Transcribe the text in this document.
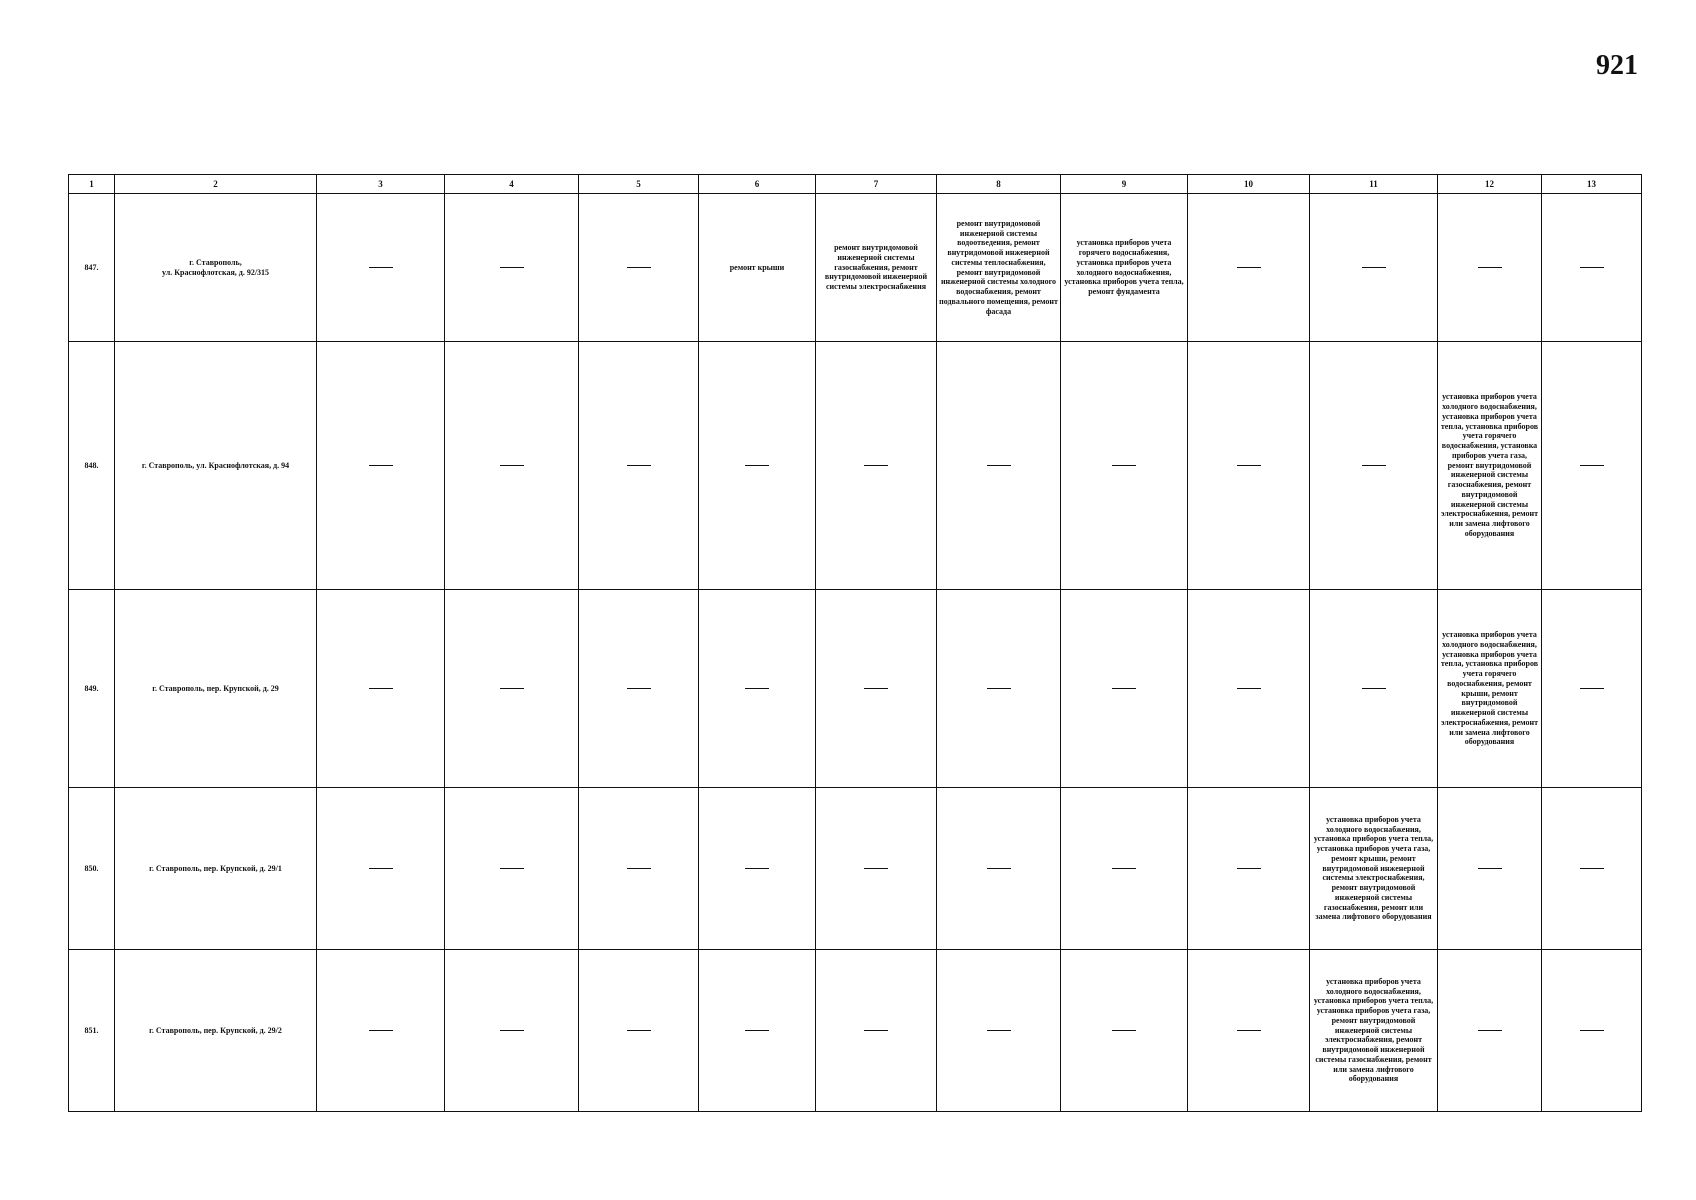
921
1	2	3	4	5	6	7	8	9	10	11	12	13
847.	г. Ставрополь,
ул. Краснофлотская, д. 92/315				ремонт крыши	ремонт внутридомовой инженерной системы газоснабжения, ремонт внутридомовой инженерной системы электроснабжения	ремонт внутридомовой инженерной системы водоотведения, ремонт внутридомовой инженерной системы теплоснабжения, ремонт внутридомовой инженерной системы холодного водоснабжения, ремонт подвального помещения, ремонт фасада	установка приборов учета горячего водоснабжения, установка приборов учета холодного водоснабжения, установка приборов учета тепла, ремонт фундамента				
848.	г. Ставрополь, ул. Краснофлотская, д. 94										установка приборов учета холодного водоснабжения, установка приборов учета тепла, установка приборов учета горячего водоснабжения, установка приборов учета газа, ремонт внутридомовой инженерной системы газоснабжения, ремонт внутридомовой инженерной системы электроснабжения, ремонт или замена лифтового оборудования	
849.	г. Ставрополь, пер. Крупской, д. 29										установка приборов учета холодного водоснабжения, установка приборов учета тепла, установка приборов учета горячего водоснабжения, ремонт крыши, ремонт внутридомовой инженерной системы электроснабжения, ремонт или замена лифтового оборудования	
850.	г. Ставрополь, пер. Крупской, д. 29/1									установка приборов учета холодного водоснабжения, установка приборов учета тепла, установка приборов учета газа, ремонт крыши, ремонт внутридомовой инженерной системы электроснабжения, ремонт внутридомовой инженерной системы газоснабжения, ремонт или замена лифтового оборудования		
851.	г. Ставрополь, пер. Крупской, д. 29/2									установка приборов учета холодного водоснабжения, установка приборов учета тепла, установка приборов учета газа, ремонт внутридомовой инженерной системы электроснабжения, ремонт внутридомовой инженерной системы газоснабжения, ремонт или замена лифтового оборудования		
